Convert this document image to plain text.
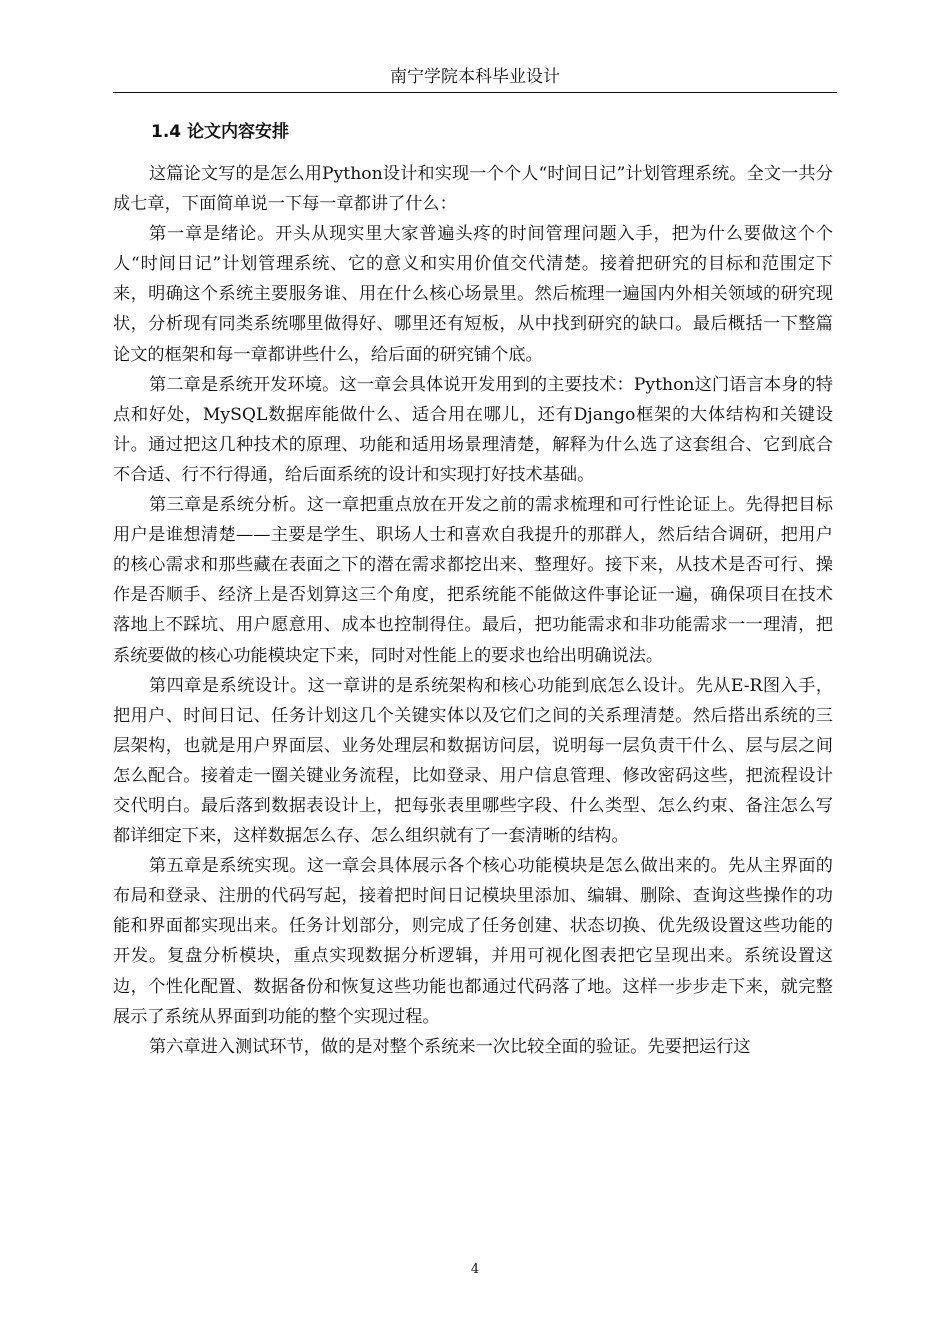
南宁学院本科毕业设计
1.4 论文内容安排

这篇论文写的是怎么用Python设计和实现一个个人“时间日记”计划管理系统。全文一共分成七章，下面简单说一下每一章都讲了什么：

第一章是绪论。开头从现实里大家普遍头疼的时间管理问题入手，把为什么要做这个个人“时间日记”计划管理系统、它的意义和实用价值交代清楚。接着把研究的目标和范围定下来，明确这个系统主要服务谁、用在什么核心场景里。然后梳理一遍国内外相关领域的研究现状，分析现有同类系统哪里做得好、哪里还有短板，从中找到研究的缺口。最后概括一下整篇论文的框架和每一章都讲些什么，给后面的研究铺个底。

第二章是系统开发环境。这一章会具体说开发用到的主要技术：Python这门语言本身的特点和好处，MySQL数据库能做什么、适合用在哪儿，还有Django框架的大体结构和关键设计。通过把这几种技术的原理、功能和适用场景理清楚，解释为什么选了这套组合、它到底合不合适、行不行得通，给后面系统的设计和实现打好技术基础。

第三章是系统分析。这一章把重点放在开发之前的需求梳理和可行性论证上。先得把目标用户是谁想清楚——主要是学生、职场人士和喜欢自我提升的那群人，然后结合调研，把用户的核心需求和那些藏在表面之下的潜在需求都挖出来、整理好。接下来，从技术是否可行、操作是否顺手、经济上是否划算这三个角度，把系统能不能做这件事论证一遍，确保项目在技术落地上不踩坑、用户愿意用、成本也控制得住。最后，把功能需求和非功能需求一一理清，把系统要做的核心功能模块定下来，同时对性能上的要求也给出明确说法。

第四章是系统设计。这一章讲的是系统架构和核心功能到底怎么设计。先从E-R图入手，把用户、时间日记、任务计划这几个关键实体以及它们之间的关系理清楚。然后搭出系统的三层架构，也就是用户界面层、业务处理层和数据访问层，说明每一层负责干什么、层与层之间怎么配合。接着走一圈关键业务流程，比如登录、用户信息管理、修改密码这些，把流程设计交代明白。最后落到数据表设计上，把每张表里哪些字段、什么类型、怎么约束、备注怎么写都详细定下来，这样数据怎么存、怎么组织就有了一套清晰的结构。

第五章是系统实现。这一章会具体展示各个核心功能模块是怎么做出来的。先从主界面的布局和登录、注册的代码写起，接着把时间日记模块里添加、编辑、删除、查询这些操作的功能和界面都实现出来。任务计划部分，则完成了任务创建、状态切换、优先级设置这些功能的开发。复盘分析模块，重点实现数据分析逻辑，并用可视化图表把它呈现出来。系统设置这边，个性化配置、数据备份和恢复这些功能也都通过代码落了地。这样一步步走下来，就完整展示了系统从界面到功能的整个实现过程。

第六章进入测试环节，做的是对整个系统来一次比较全面的验证。先要把运行这

4
